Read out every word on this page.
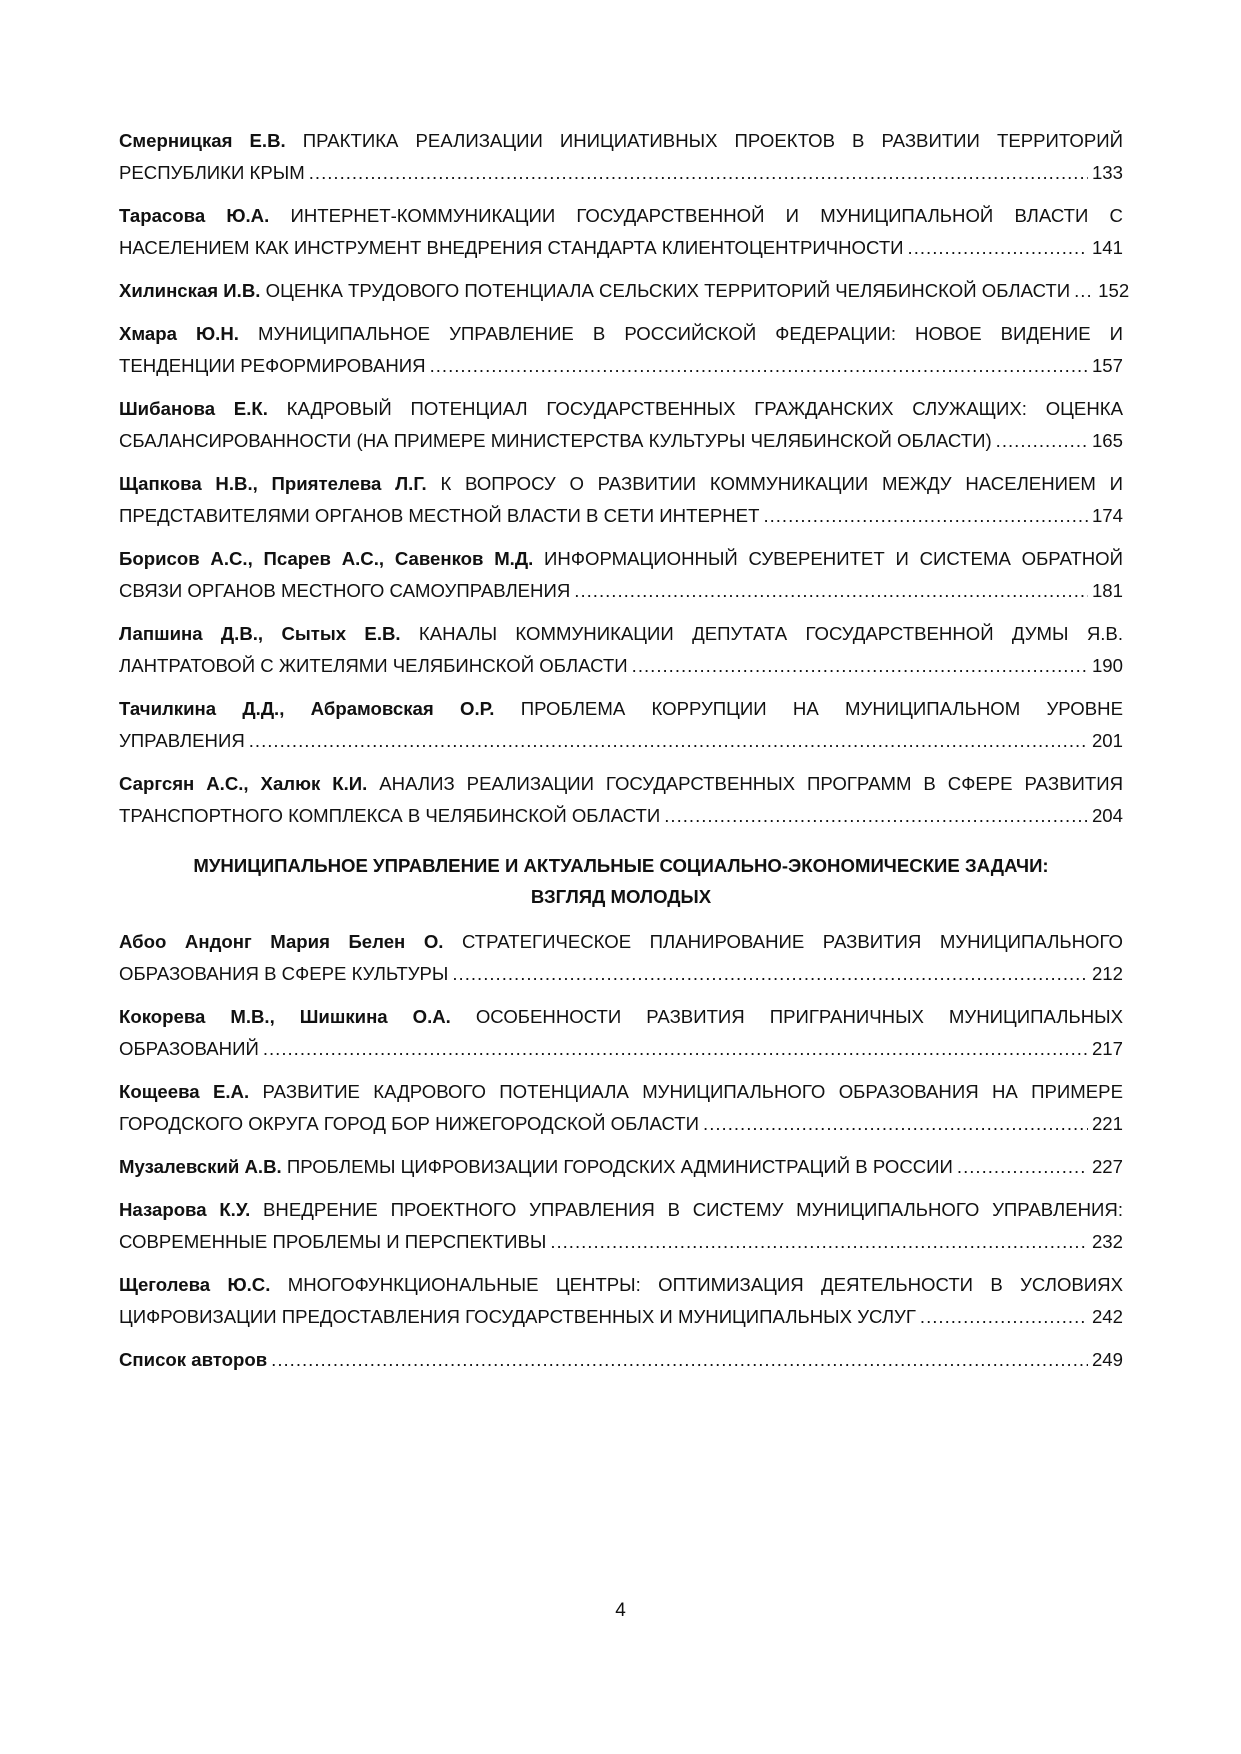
Смерницкая Е.В. ПРАКТИКА РЕАЛИЗАЦИИ ИНИЦИАТИВНЫХ ПРОЕКТОВ В РАЗВИТИИ ТЕРРИТОРИЙ
РЕСПУБЛИКИ КРЫМ .....	133
Тарасова Ю.А. ИНТЕРНЕТ-КОММУНИКАЦИИ ГОСУДАРСТВЕННОЙ И МУНИЦИПАЛЬНОЙ ВЛАСТИ С
НАСЕЛЕНИЕМ КАК ИНСТРУМЕНТ ВНЕДРЕНИЯ СТАНДАРТА КЛИЕНТОЦЕНТРИЧНОСТИ .....	141
Хилинская И.В. ОЦЕНКА ТРУДОВОГО ПОТЕНЦИАЛА СЕЛЬСКИХ ТЕРРИТОРИЙ ЧЕЛЯБИНСКОЙ ОБЛАСТИ ..... 152
Хмара Ю.Н. МУНИЦИПАЛЬНОЕ УПРАВЛЕНИЕ В РОССИЙСКОЙ ФЕДЕРАЦИИ: НОВОЕ ВИДЕНИЕ И
ТЕНДЕНЦИИ РЕФОРМИРОВАНИЯ .....	157
Шибанова Е.К. КАДРОВЫЙ ПОТЕНЦИАЛ ГОСУДАРСТВЕННЫХ ГРАЖДАНСКИХ СЛУЖАЩИХ: ОЦЕНКА
СБАЛАНСИРОВАННОСТИ (НА ПРИМЕРЕ МИНИСТЕРСТВА КУЛЬТУРЫ ЧЕЛЯБИНСКОЙ ОБЛАСТИ) .....	165
Щапкова Н.В., Приятелева Л.Г. К ВОПРОСУ О РАЗВИТИИ КОММУНИКАЦИИ МЕЖДУ НАСЕЛЕНИЕМ И
ПРЕДСТАВИТЕЛЯМИ ОРГАНОВ МЕСТНОЙ ВЛАСТИ В СЕТИ ИНТЕРНЕТ .....	174
Борисов А.С., Псарев А.С., Савенков М.Д. ИНФОРМАЦИОННЫЙ СУВЕРЕНИТЕТ И СИСТЕМА ОБРАТНОЙ
СВЯЗИ ОРГАНОВ МЕСТНОГО САМОУПРАВЛЕНИЯ .....	181
Лапшина Д.В., Сытых Е.В. КАНАЛЫ КОММУНИКАЦИИ ДЕПУТАТА ГОСУДАРСТВЕННОЙ ДУМЫ Я.В.
ЛАНТРАТОВОЙ С ЖИТЕЛЯМИ ЧЕЛЯБИНСКОЙ ОБЛАСТИ .....	190
Тачилкина Д.Д., Абрамовская О.Р. ПРОБЛЕМА КОРРУПЦИИ НА МУНИЦИПАЛЬНОМ УРОВНЕ
УПРАВЛЕНИЯ .....	201
Саргсян А.С., Халюк К.И. АНАЛИЗ РЕАЛИЗАЦИИ ГОСУДАРСТВЕННЫХ ПРОГРАММ В СФЕРЕ РАЗВИТИЯ
ТРАНСПОРТНОГО КОМПЛЕКСА В ЧЕЛЯБИНСКОЙ ОБЛАСТИ .....	204
МУНИЦИПАЛЬНОЕ УПРАВЛЕНИЕ И АКТУАЛЬНЫЕ СОЦИАЛЬНО-ЭКОНОМИЧЕСКИЕ ЗАДАЧИ:
ВЗГЛЯД МОЛОДЫХ
Абоо Андонг Мария Белен О. СТРАТЕГИЧЕСКОЕ ПЛАНИРОВАНИЕ РАЗВИТИЯ МУНИЦИПАЛЬНОГО
ОБРАЗОВАНИЯ В СФЕРЕ КУЛЬТУРЫ .....	212
Кокорева М.В., Шишкина О.А. ОСОБЕННОСТИ РАЗВИТИЯ ПРИГРАНИЧНЫХ МУНИЦИПАЛЬНЫХ
ОБРАЗОВАНИЙ .....	217
Кощеева Е.А. РАЗВИТИЕ КАДРОВОГО ПОТЕНЦИАЛА МУНИЦИПАЛЬНОГО ОБРАЗОВАНИЯ НА ПРИМЕРЕ
ГОРОДСКОГО ОКРУГА ГОРОД БОР НИЖЕГОРОДСКОЙ ОБЛАСТИ .....	221
Музалевский А.В. ПРОБЛЕМЫ ЦИФРОВИЗАЦИИ ГОРОДСКИХ АДМИНИСТРАЦИЙ В РОССИИ .....	227
Назарова К.У. ВНЕДРЕНИЕ ПРОЕКТНОГО УПРАВЛЕНИЯ В СИСТЕМУ МУНИЦИПАЛЬНОГО УПРАВЛЕНИЯ:
СОВРЕМЕННЫЕ ПРОБЛЕМЫ И ПЕРСПЕКТИВЫ .....	232
Щеголева Ю.С. МНОГОФУНКЦИОНАЛЬНЫЕ ЦЕНТРЫ: ОПТИМИЗАЦИЯ ДЕЯТЕЛЬНОСТИ В УСЛОВИЯХ
ЦИФРОВИЗАЦИИ ПРЕДОСТАВЛЕНИЯ ГОСУДАРСТВЕННЫХ И МУНИЦИПАЛЬНЫХ УСЛУГ .....	242
Список авторов .....	249
4
